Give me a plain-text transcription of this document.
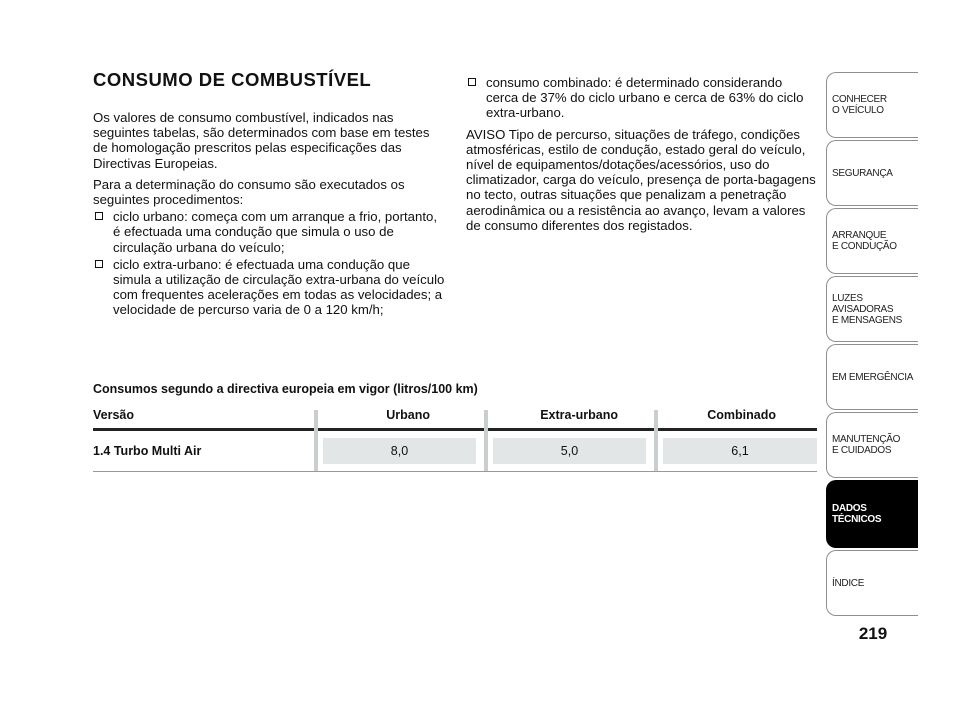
CONSUMO DE COMBUSTÍVEL

Os valores de consumo combustível, indicados nas seguintes tabelas, são determinados com base em testes de homologação prescritos pelas especificações das Directivas Europeias.

Para a determinação do consumo são executados os seguintes procedimentos:

ciclo urbano: começa com um arranque a frio, portanto, é efectuada uma condução que simula o uso de circulação urbana do veículo;
ciclo extra-urbano: é efectuada uma condução que simula a utilização de circulação extra-urbana do veículo com frequentes acelerações em todas as velocidades; a velocidade de percurso varia de 0 a 120 km/h;
consumo combinado: é determinado considerando cerca de 37% do ciclo urbano e cerca de 63% do ciclo extra-urbano.

AVISO Tipo de percurso, situações de tráfego, condições atmosféricas, estilo de condução, estado geral do veículo, nível de equipamentos/dotações/acessórios, uso do climatizador, carga do veículo, presença de porta-bagagens no tecto, outras situações que penalizam a penetração aerodinâmica ou a resistência ao avanço, levam a valores de consumo diferentes dos registados.

Consumos segundo a directiva europeia em vigor (litros/100 km)
Versão	Urbano	Extra-urbano	Combinado
1.4 Turbo Multi Air	8,0	5,0	6,1
CONHECER
O VEÍCULO
SEGURANÇA
ARRANQUE
E CONDUÇÃO
LUZES
AVISADORAS
E MENSAGENS
EM EMERGÊNCIA
MANUTENÇÃO
E CUIDADOS
DADOS
TÉCNICOS
ÍNDICE
219
